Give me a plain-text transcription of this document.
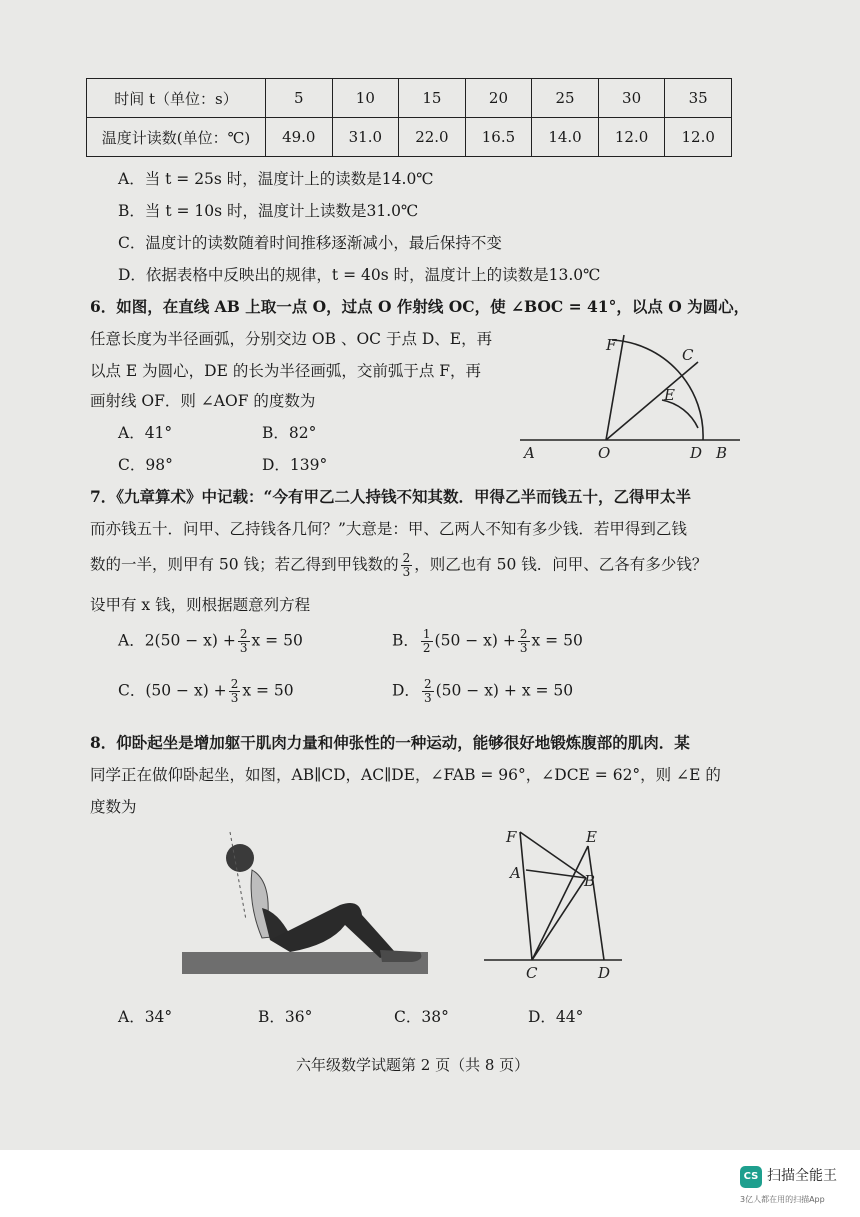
时间 t（单位：s）	5	10	15	20	25	30	35
温度计读数(单位：℃)	49.0	31.0	22.0	16.5	14.0	12.0	12.0
A．当 t = 25s 时，温度计上的读数是14.0℃
B．当 t = 10s 时，温度计上读数是31.0℃
C．温度计的读数随着时间推移逐渐减小，最后保持不变
D．依据表格中反映出的规律，t = 40s 时，温度计上的读数是13.0℃
6．如图，在直线 AB 上取一点 O，过点 O 作射线 OC，使 ∠BOC = 41°，以点 O 为圆心，
任意长度为半径画弧，分别交边 OB 、OC 于点 D、E，再
以点 E 为圆心，DE 的长为半径画弧，交前弧于点 F，再
画射线 OF．则 ∠AOF 的度数为
A．41°	B．82°
C．98°	D．139°
F
C
E
A	O	D B
7．《九章算术》中记载：“今有甲乙二人持钱不知其数．甲得乙半而钱五十，乙得甲太半
而亦钱五十．问甲、乙持钱各几何？”大意是：甲、乙两人不知有多少钱．若甲得到乙钱
数的一半，则甲有 50 钱；若乙得到甲钱数的 $\frac{2}{3}$ ，则乙也有 50 钱．问甲、乙各有多少钱？
设甲有 x 钱，则根据题意列方程
A．$2(50 - x) + \frac{2}{3}$ x = 50	B． $\frac{1}{2} (50 - x) + \frac{2}{3}$ x = 50
C．$(50 - x) + \frac{2}{3}$ x = 50	D． $\frac{2}{3} (50 - x) + x = 50$
8．仰卧起坐是增加躯干肌肉力量和伸张性的一种运动，能够很好地锻炼腹部的肌肉．某
同学正在做仰卧起坐，如图，AB∥CD，AC∥DE，∠FAB = 96°，∠DCE = 62°，则 ∠E 的
度数为
F	E
A	B
C	D
A．34°	B．36°	C．38°	D．44°
六年级数学试题第 2 页（共 8 页）
CS 扫描全能王
3亿人都在用的扫描App
